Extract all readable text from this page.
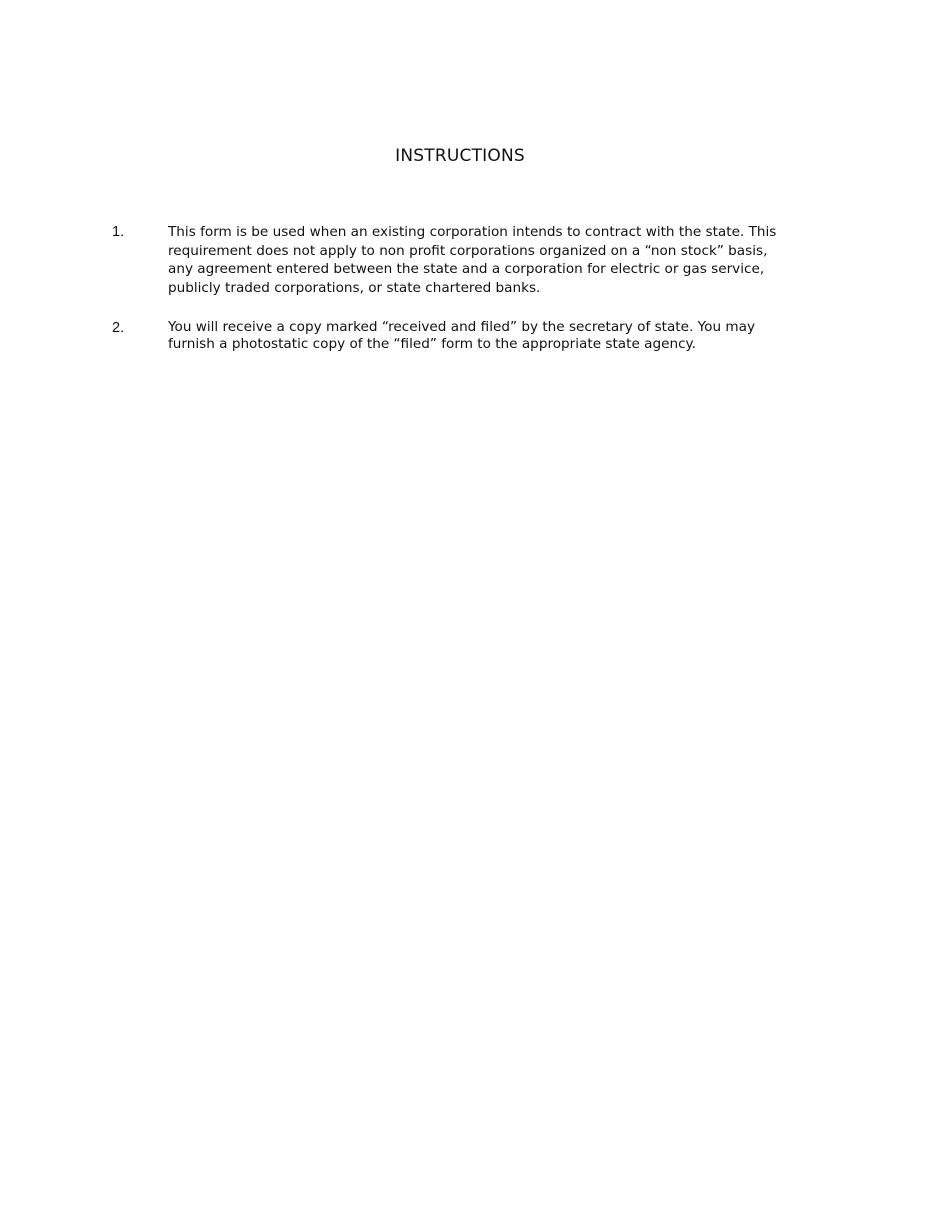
INSTRUCTIONS
1.	This form is be used when an existing corporation intends to contract with the state. This requirement does not apply to non profit corporations organized on a “non stock” basis, any agreement entered between the state and a corporation for electric or gas service, publicly traded corporations, or state chartered banks.
2.	You will receive a copy marked “received and filed” by the secretary of state. You may furnish a photostatic copy of the “filed” form to the appropriate state agency.
